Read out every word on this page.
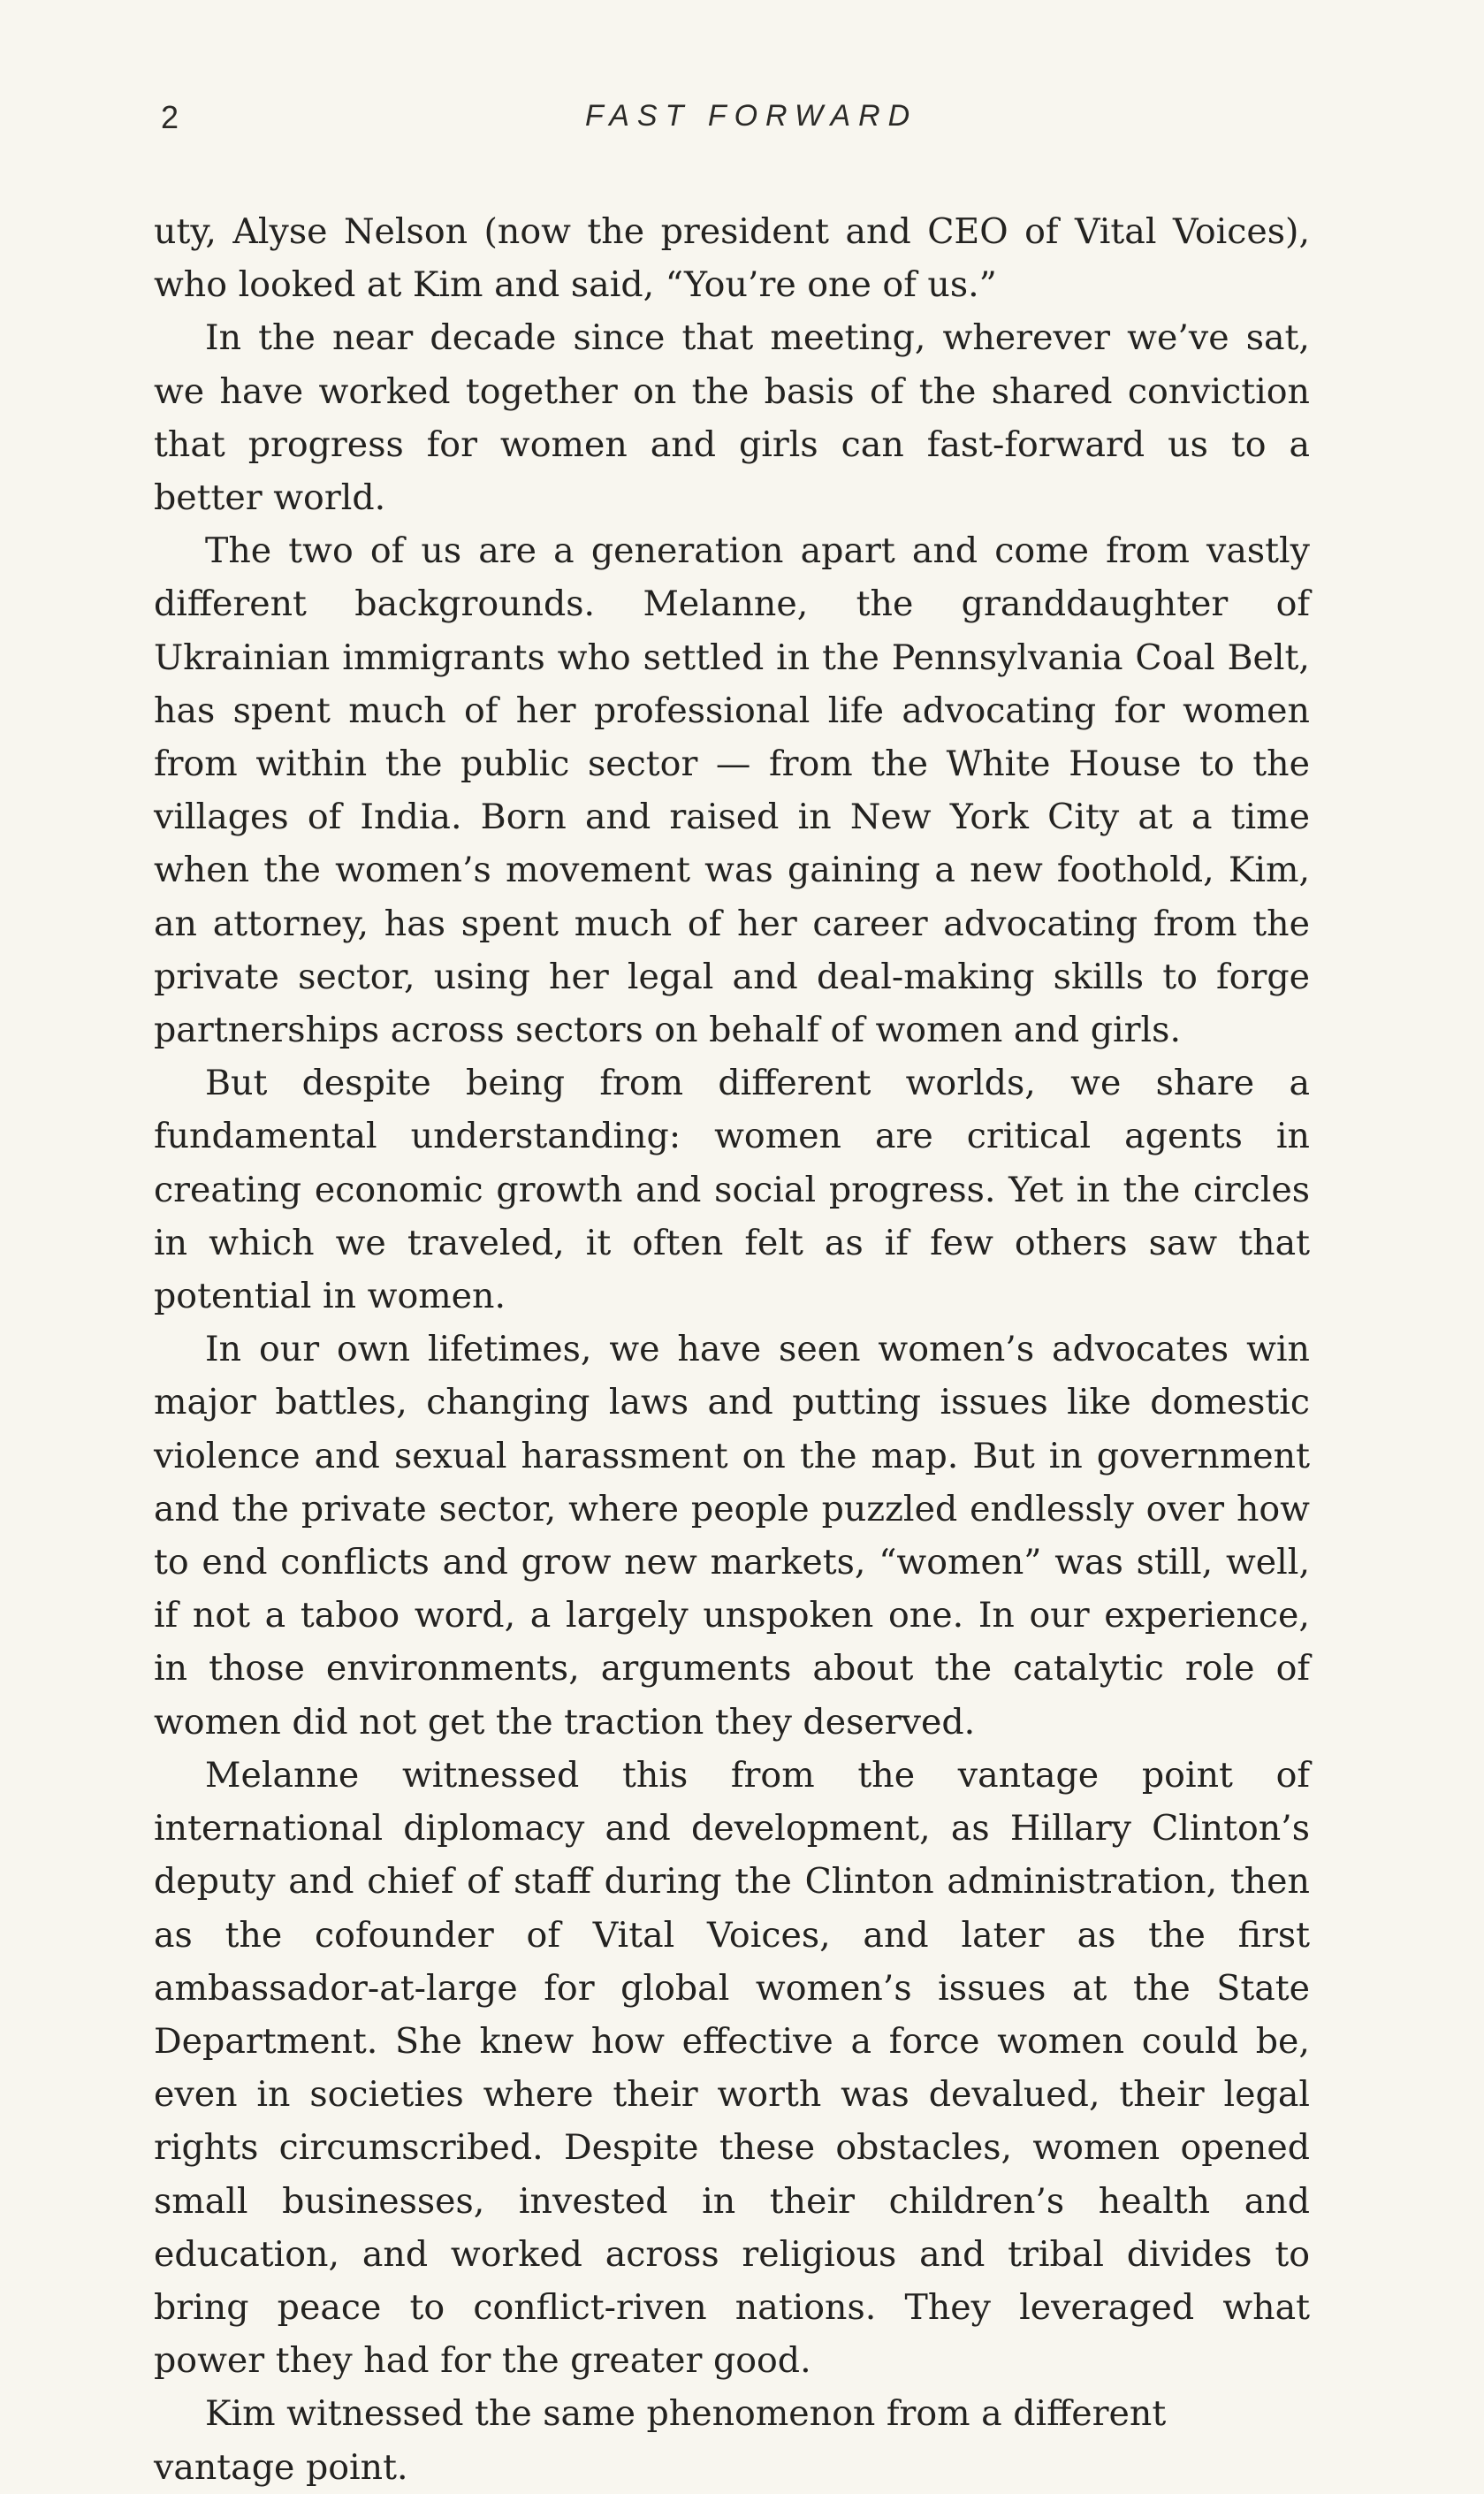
2	FAST FORWARD

uty, Alyse Nelson (now the president and CEO of Vital Voices), who looked at Kim and said, “You’re one of us.”

In the near decade since that meeting, wherever we’ve sat, we have worked together on the basis of the shared conviction that progress for women and girls can fast-forward us to a better world.

The two of us are a generation apart and come from vastly different backgrounds. Melanne, the granddaughter of Ukrainian immigrants who settled in the Pennsylvania Coal Belt, has spent much of her professional life advocating for women from within the public sector — from the White House to the villages of India. Born and raised in New York City at a time when the women’s movement was gaining a new foothold, Kim, an attorney, has spent much of her career advocating from the private sector, using her legal and deal-making skills to forge partnerships across sectors on behalf of women and girls.

But despite being from different worlds, we share a fundamental understanding: women are critical agents in creating economic growth and social progress. Yet in the circles in which we traveled, it often felt as if few others saw that potential in women.

In our own lifetimes, we have seen women’s advocates win major battles, changing laws and putting issues like domestic violence and sexual harassment on the map. But in government and the private sector, where people puzzled endlessly over how to end conflicts and grow new markets, “women” was still, well, if not a taboo word, a largely unspoken one. In our experience, in those environments, arguments about the catalytic role of women did not get the traction they deserved.

Melanne witnessed this from the vantage point of international diplomacy and development, as Hillary Clinton’s deputy and chief of staff during the Clinton administration, then as the cofounder of Vital Voices, and later as the first ambassador-at-large for global women’s issues at the State Department. She knew how effective a force women could be, even in societies where their worth was devalued, their legal rights circumscribed. Despite these obstacles, women opened small businesses, invested in their children’s health and education, and worked across religious and tribal divides to bring peace to conflict-riven nations. They leveraged what power they had for the greater good.

Kim witnessed the same phenomenon from a different vantage point.
